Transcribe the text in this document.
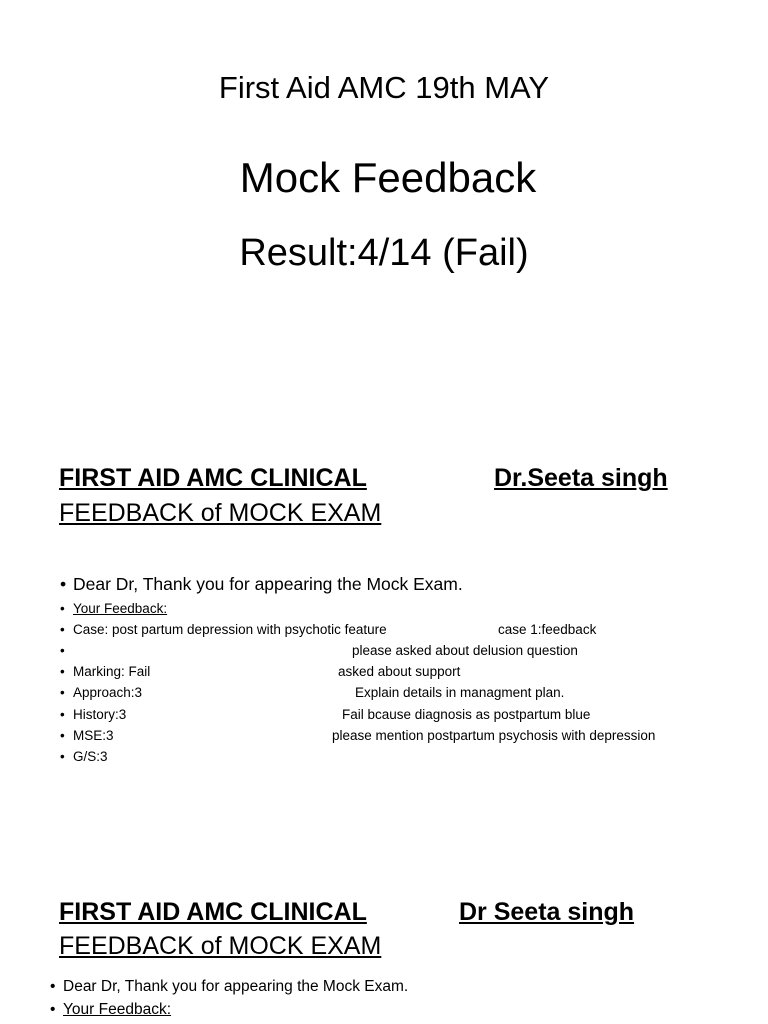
First Aid AMC 19th MAY
Mock Feedback
Result:4/14 (Fail)
FIRST AID AMC CLINICAL	Dr.Seeta singh
FEEDBACK of MOCK EXAM
• Dear Dr, Thank you for appearing the Mock Exam.
• Your Feedback:
• Case: post partum depression with psychotic feature	case 1:feedback
please asked about delusion question
• Marking: Fail	asked about support
• Approach:3	Explain details in managment plan.
• History:3	Fail bcause diagnosis as postpartum blue
• MSE:3	please mention postpartum psychosis with depression
• G/S:3
FIRST AID AMC CLINICAL	Dr Seeta singh
FEEDBACK of MOCK EXAM
• Dear Dr, Thank you for appearing the Mock Exam.
• Your Feedback:
